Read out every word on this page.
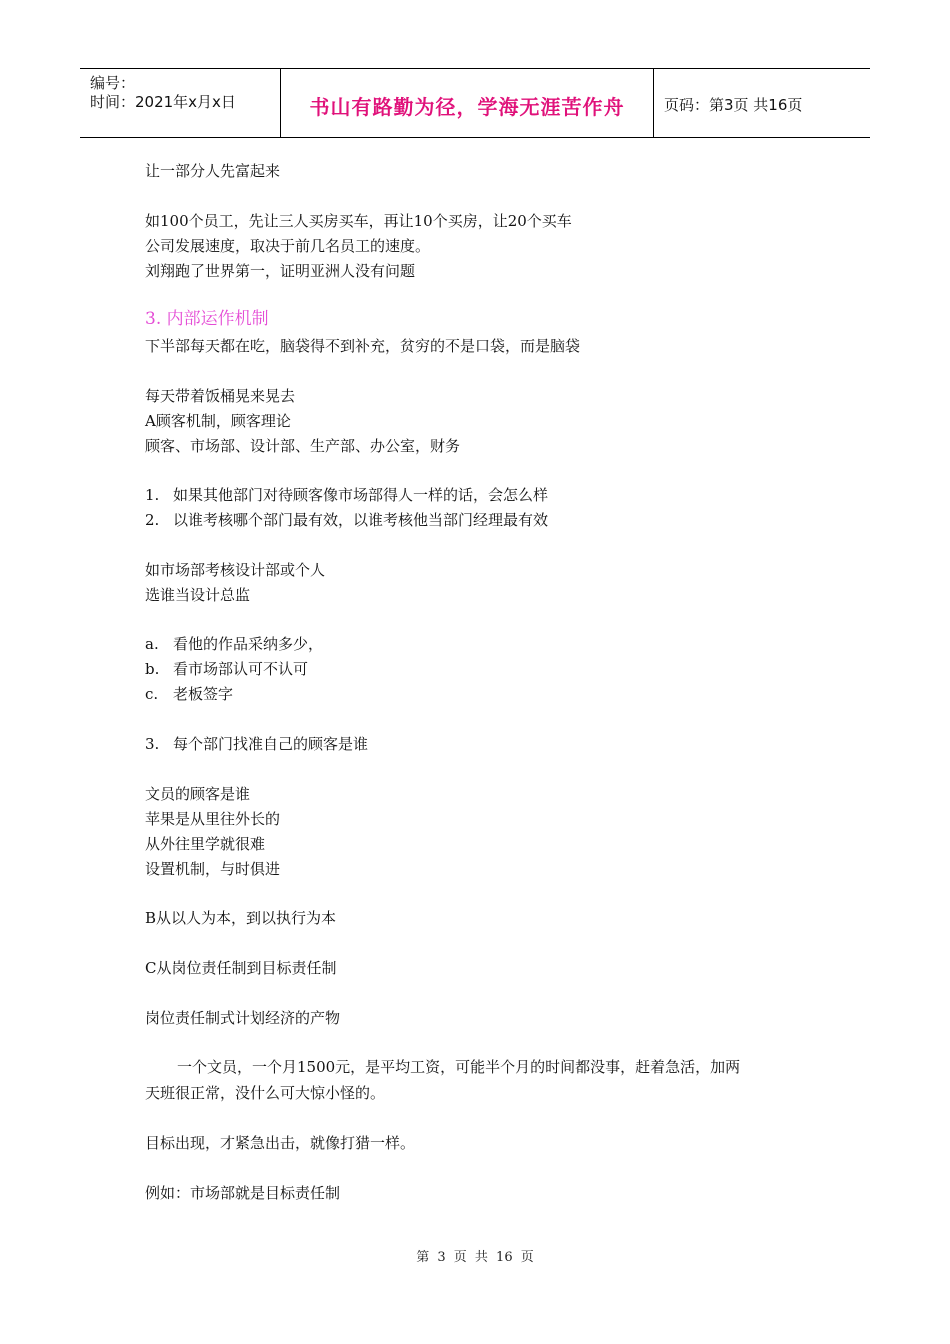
编号：
时间：2021年x月x日	书山有路勤为径，学海无涯苦作舟	页码：第3页 共16页
让一部分人先富起来
如100个员工，先让三人买房买车，再让10个买房，让20个买车
公司发展速度，取决于前几名员工的速度。
刘翔跑了世界第一，证明亚洲人没有问题
3. 内部运作机制
下半部每天都在吃，脑袋得不到补充，贫穷的不是口袋，而是脑袋
每天带着饭桶晃来晃去
A顾客机制，顾客理论
顾客、市场部、设计部、生产部、办公室，财务
1. 如果其他部门对待顾客像市场部得人一样的话，会怎么样
2. 以谁考核哪个部门最有效，以谁考核他当部门经理最有效
如市场部考核设计部或个人
选谁当设计总监
a. 看他的作品采纳多少，
b. 看市场部认可不认可
c. 老板签字
3. 每个部门找准自己的顾客是谁
文员的顾客是谁
苹果是从里往外长的
从外往里学就很难
设置机制，与时俱进
B从以人为本，到以执行为本
C从岗位责任制到目标责任制
岗位责任制式计划经济的产物
一个文员，一个月1500元，是平均工资，可能半个月的时间都没事，赶着急活，加两
天班很正常，没什么可大惊小怪的。
目标出现，才紧急出击，就像打猎一样。
例如：市场部就是目标责任制
第 3 页 共 16 页
